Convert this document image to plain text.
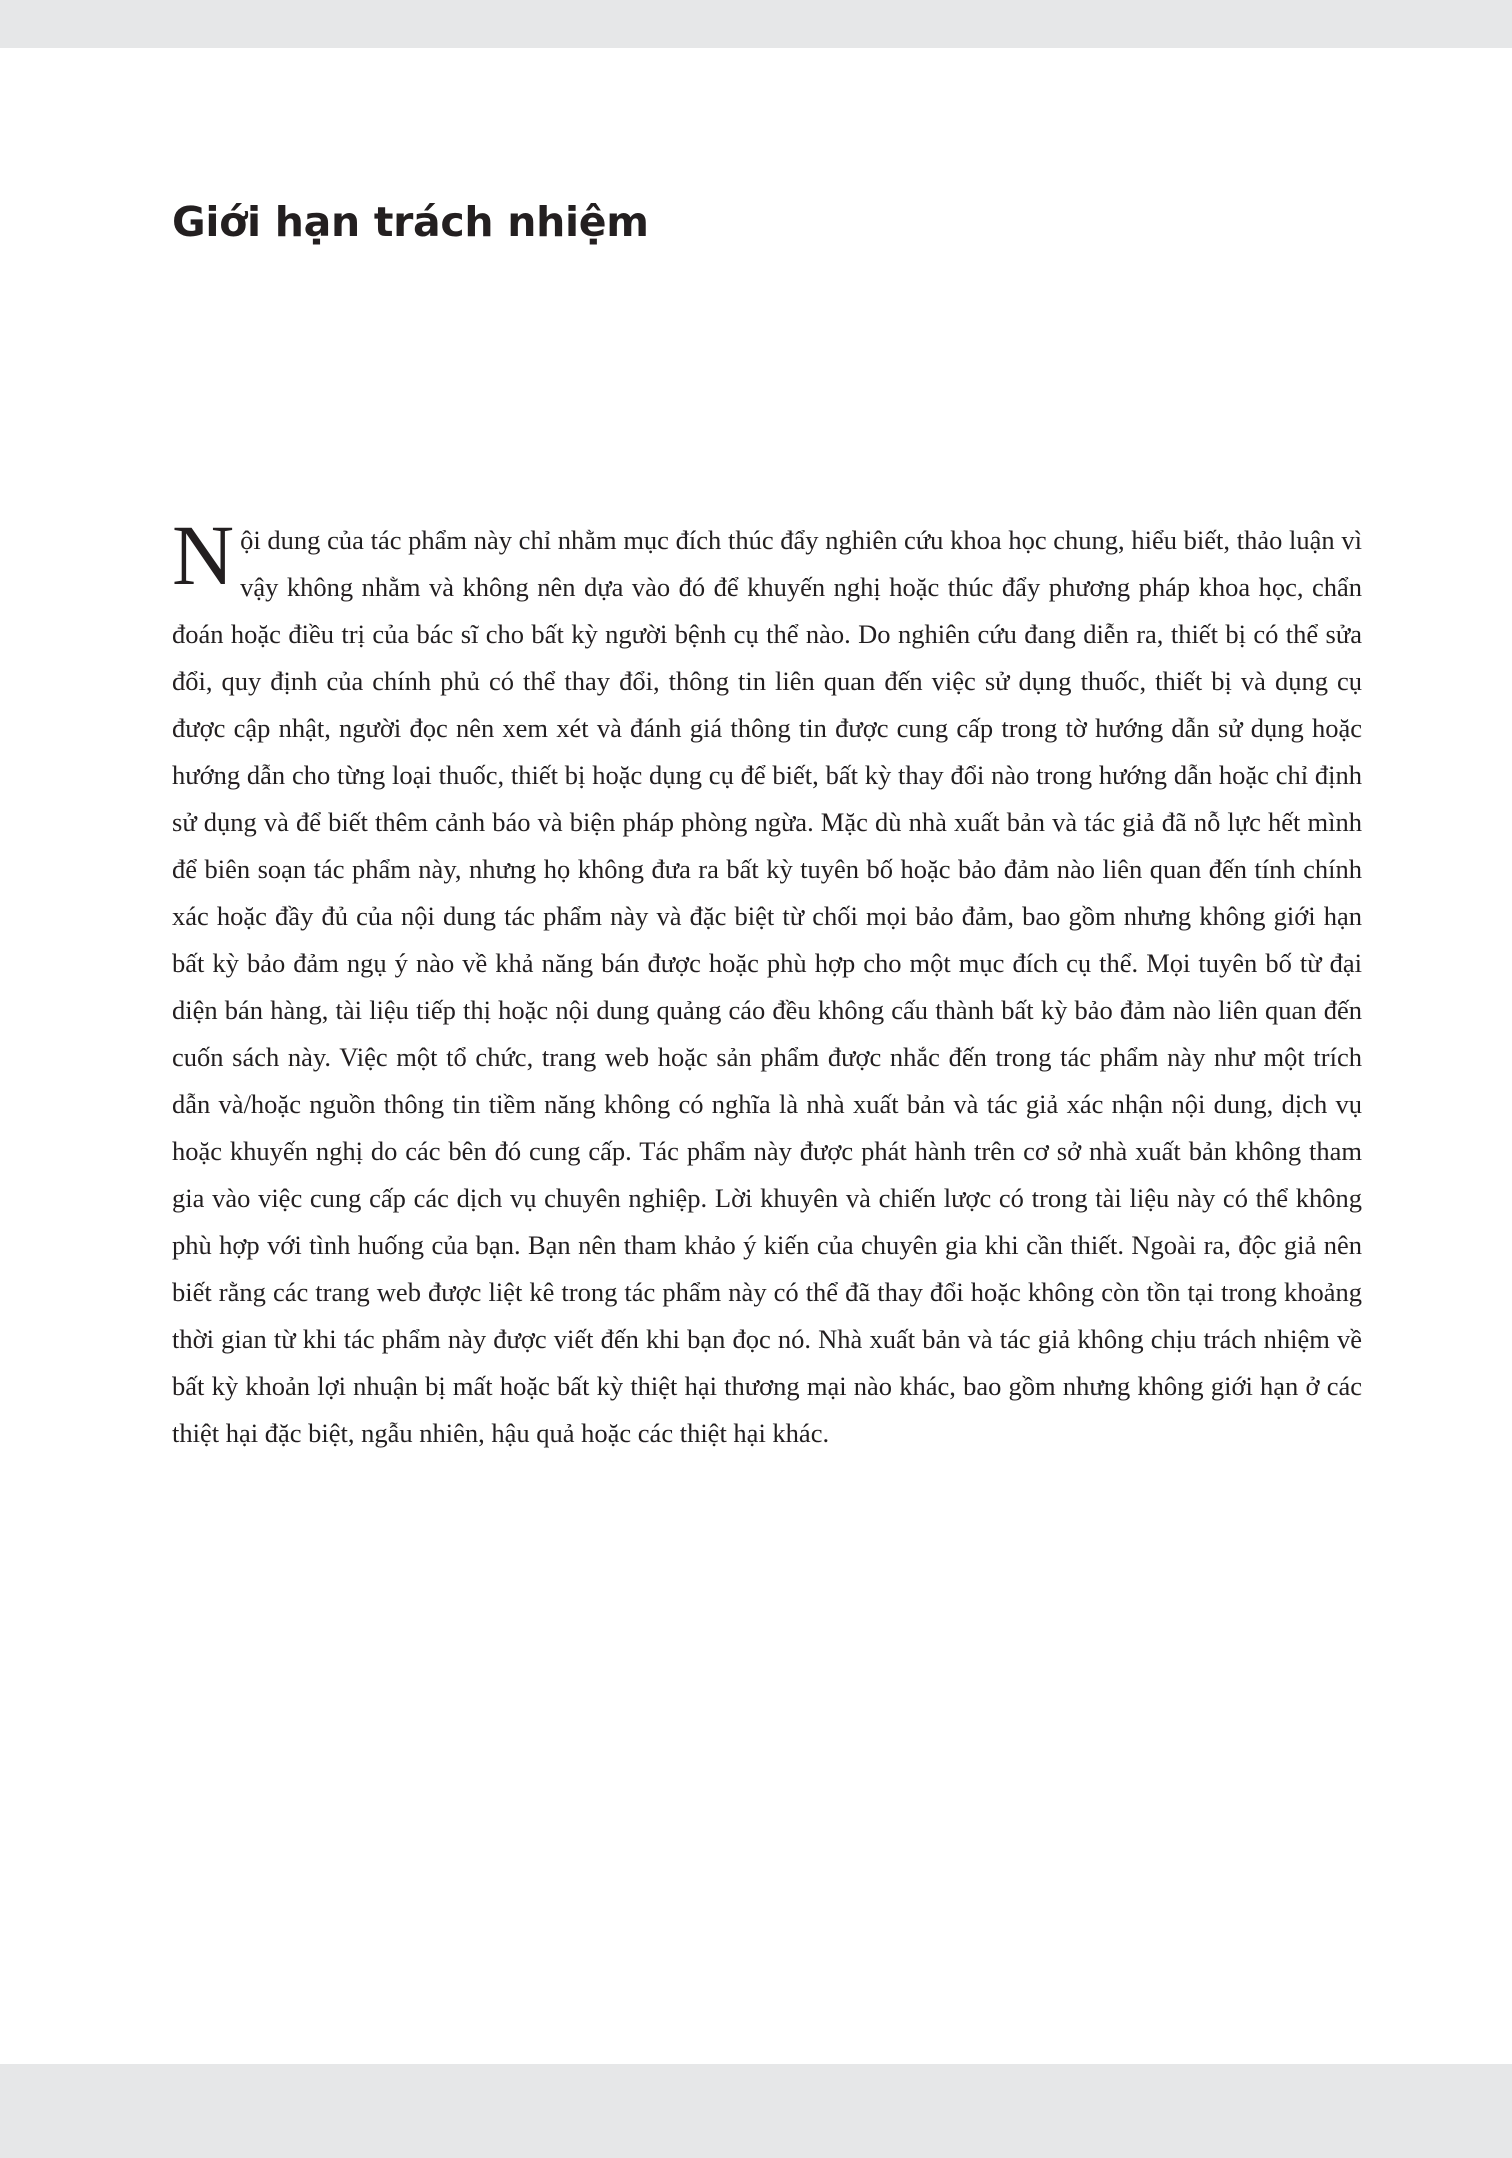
Giới hạn trách nhiệm

Nội dung của tác phẩm này chỉ nhằm mục đích thúc đẩy nghiên cứu khoa học chung, hiểu biết, thảo luận vì vậy không nhằm và không nên dựa vào đó để khuyến nghị hoặc thúc đẩy phương pháp khoa học, chẩn đoán hoặc điều trị của bác sĩ cho bất kỳ người bệnh cụ thể nào. Do nghiên cứu đang diễn ra, thiết bị có thể sửa đổi, quy định của chính phủ có thể thay đổi, thông tin liên quan đến việc sử dụng thuốc, thiết bị và dụng cụ được cập nhật, người đọc nên xem xét và đánh giá thông tin được cung cấp trong tờ hướng dẫn sử dụng hoặc hướng dẫn cho từng loại thuốc, thiết bị hoặc dụng cụ để biết, bất kỳ thay đổi nào trong hướng dẫn hoặc chỉ định sử dụng và để biết thêm cảnh báo và biện pháp phòng ngừa. Mặc dù nhà xuất bản và tác giả đã nỗ lực hết mình để biên soạn tác phẩm này, nhưng họ không đưa ra bất kỳ tuyên bố hoặc bảo đảm nào liên quan đến tính chính xác hoặc đầy đủ của nội dung tác phẩm này và đặc biệt từ chối mọi bảo đảm, bao gồm nhưng không giới hạn bất kỳ bảo đảm ngụ ý nào về khả năng bán được hoặc phù hợp cho một mục đích cụ thể. Mọi tuyên bố từ đại diện bán hàng, tài liệu tiếp thị hoặc nội dung quảng cáo đều không cấu thành bất kỳ bảo đảm nào liên quan đến cuốn sách này. Việc một tổ chức, trang web hoặc sản phẩm được nhắc đến trong tác phẩm này như một trích dẫn và/hoặc nguồn thông tin tiềm năng không có nghĩa là nhà xuất bản và tác giả xác nhận nội dung, dịch vụ hoặc khuyến nghị do các bên đó cung cấp. Tác phẩm này được phát hành trên cơ sở nhà xuất bản không tham gia vào việc cung cấp các dịch vụ chuyên nghiệp. Lời khuyên và chiến lược có trong tài liệu này có thể không phù hợp với tình huống của bạn. Bạn nên tham khảo ý kiến của chuyên gia khi cần thiết. Ngoài ra, độc giả nên biết rằng các trang web được liệt kê trong tác phẩm này có thể đã thay đổi hoặc không còn tồn tại trong khoảng thời gian từ khi tác phẩm này được viết đến khi bạn đọc nó. Nhà xuất bản và tác giả không chịu trách nhiệm về bất kỳ khoản lợi nhuận bị mất hoặc bất kỳ thiệt hại thương mại nào khác, bao gồm nhưng không giới hạn ở các thiệt hại đặc biệt, ngẫu nhiên, hậu quả hoặc các thiệt hại khác.
